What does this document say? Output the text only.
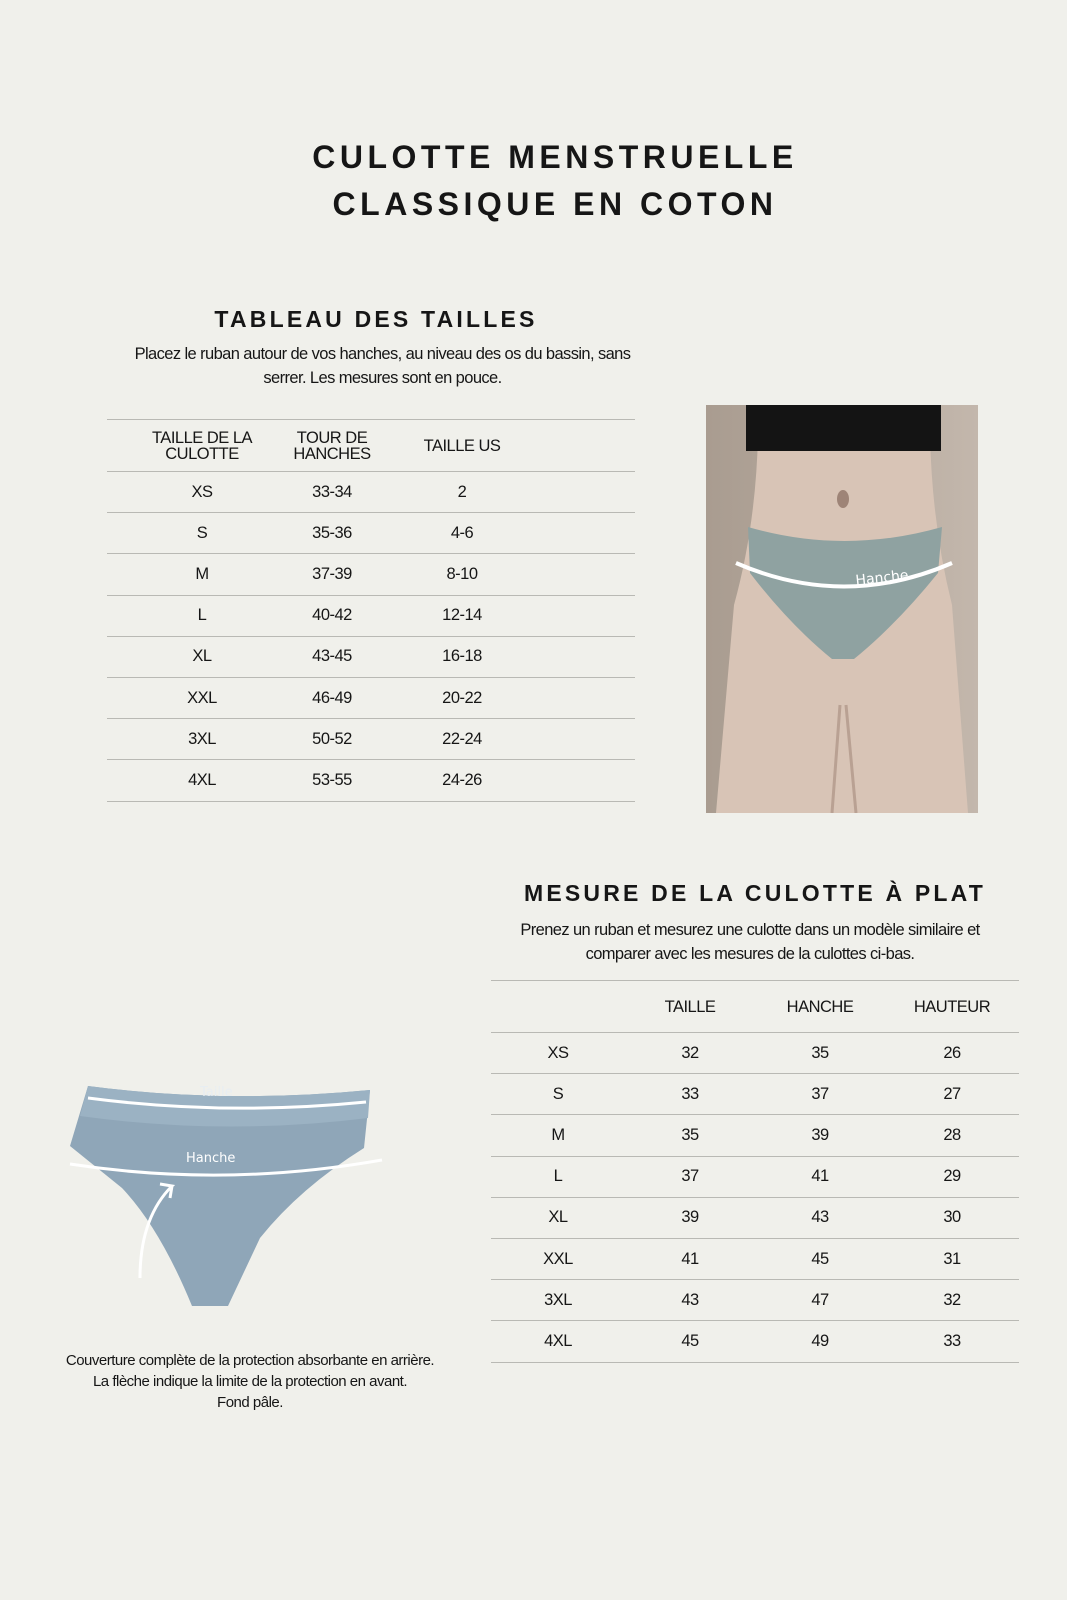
CULOTTE MENSTRUELLE
CLASSIQUE EN COTON
TABLEAU DES TAILLES
Placez le ruban autour de vos hanches, au niveau des os du bassin, sans
serrer. Les mesures sont en pouce.

	TAILLE DE LA CULOTTE	TOUR DE HANCHES	TAILLE US	
	XS	33-34	2	
	S	35-36	4-6	
	M	37-39	8-10	
	L	40-42	12-14	
	XL	43-45	16-18	
	XXL	46-49	20-22	
	3XL	50-52	22-24	
	4XL	53-55	24-26	
Hanche
MESURE DE LA CULOTTE À PLAT
Prenez un ruban et mesurez une culotte dans un modèle similaire et
comparer avec les mesures de la culottes ci-bas.
	TAILLE	HANCHE	HAUTEUR
XS	32	35	26
S	33	37	27
M	35	39	28
L	37	41	29
XL	39	43	30
XXL	41	45	31
3XL	43	47	32
4XL	45	49	33
Taille
Hanche
Couverture complète de la protection absorbante en arrière.
La flèche indique la limite de la protection en avant.
Fond pâle.
